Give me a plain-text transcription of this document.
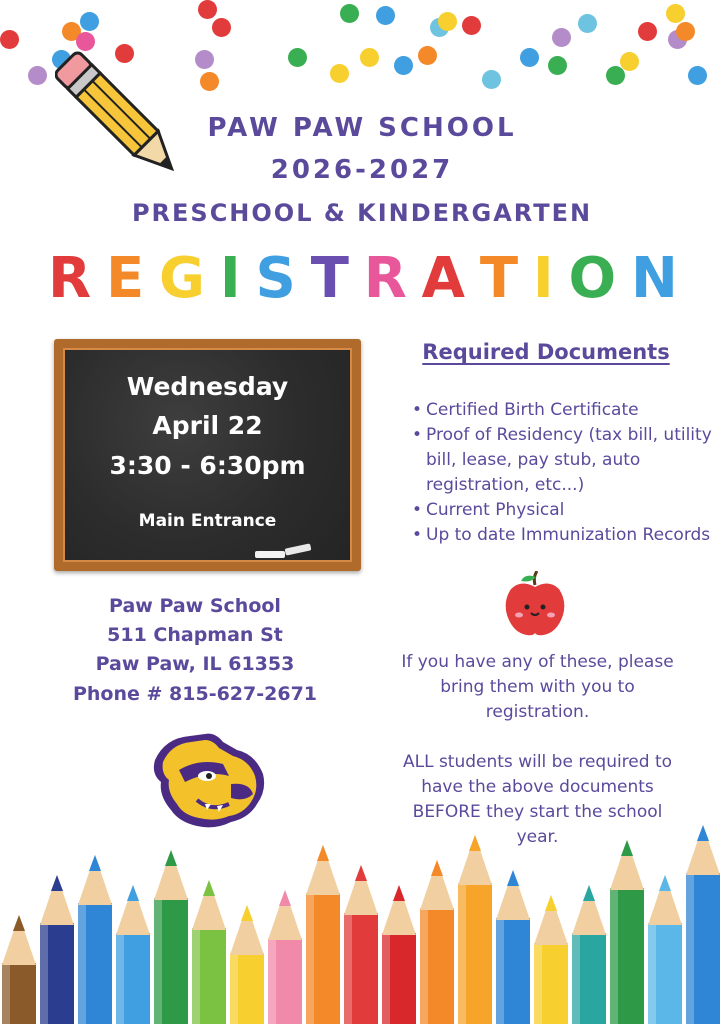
PAW PAW SCHOOL
2026-2027
PRESCHOOL & KINDERGARTEN
R E G I S T R A T I O N
Wednesday
April 22
3:30 - 6:30pm
Main Entrance
Paw Paw School
511 Chapman St
Paw Paw, IL 61353
Phone # 815-627-2671
Required Documents
• Certified Birth Certificate
• Proof of Residency (tax bill, utility bill, lease, pay stub, auto registration, etc...)
• Current Physical
• Up to date Immunization Records
If you have any of these, please bring them with you to registration.
ALL students will be required to have the above documents BEFORE they start the school year.
